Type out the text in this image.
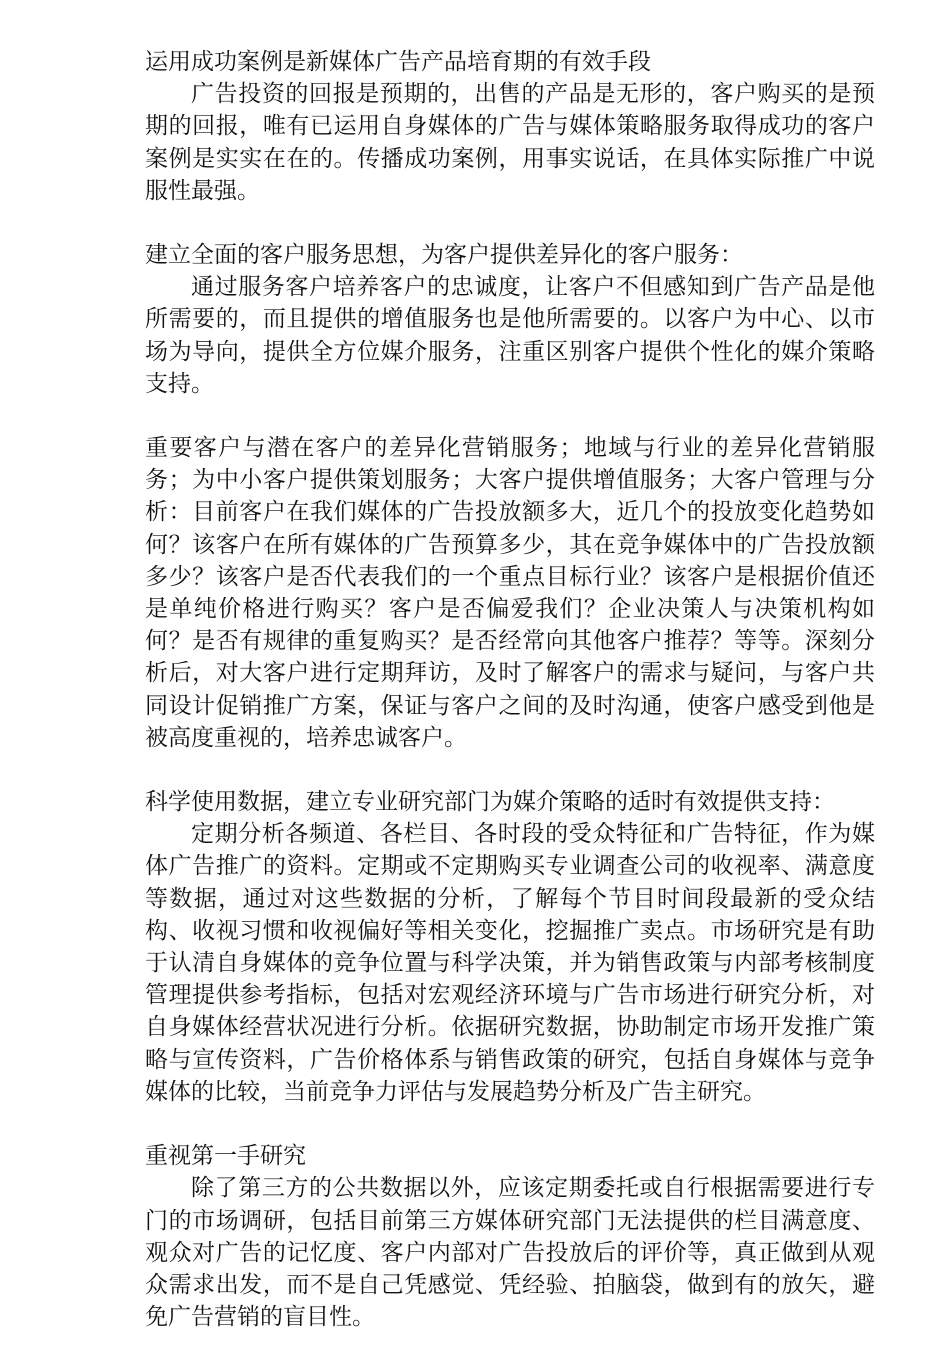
运用成功案例是新媒体广告产品培育期的有效手段
广告投资的回报是预期的，出售的产品是无形的，客户购买的是预期的回报，唯有已运用自身媒体的广告与媒体策略服务取得成功的客户案例是实实在在的。传播成功案例，用事实说话，在具体实际推广中说服性最强。
建立全面的客户服务思想，为客户提供差异化的客户服务：
通过服务客户培养客户的忠诚度，让客户不但感知到广告产品是他所需要的，而且提供的增值服务也是他所需要的。以客户为中心、以市场为导向，提供全方位媒介服务，注重区别客户提供个性化的媒介策略支持。
重要客户与潜在客户的差异化营销服务；地域与行业的差异化营销服务；为中小客户提供策划服务；大客户提供增值服务；大客户管理与分析：目前客户在我们媒体的广告投放额多大，近几个的投放变化趋势如何？该客户在所有媒体的广告预算多少，其在竞争媒体中的广告投放额多少？该客户是否代表我们的一个重点目标行业？该客户是根据价值还是单纯价格进行购买？客户是否偏爱我们？企业决策人与决策机构如何？是否有规律的重复购买？是否经常向其他客户推荐？等等。深刻分析后，对大客户进行定期拜访，及时了解客户的需求与疑问，与客户共同设计促销推广方案，保证与客户之间的及时沟通，使客户感受到他是被高度重视的，培养忠诚客户。
科学使用数据，建立专业研究部门为媒介策略的适时有效提供支持：
定期分析各频道、各栏目、各时段的受众特征和广告特征，作为媒体广告推广的资料。定期或不定期购买专业调查公司的收视率、满意度等数据，通过对这些数据的分析，了解每个节目时间段最新的受众结构、收视习惯和收视偏好等相关变化，挖掘推广卖点。市场研究是有助于认清自身媒体的竞争位置与科学决策，并为销售政策与内部考核制度管理提供参考指标，包括对宏观经济环境与广告市场进行研究分析，对自身媒体经营状况进行分析。依据研究数据，协助制定市场开发推广策略与宣传资料，广告价格体系与销售政策的研究，包括自身媒体与竞争媒体的比较，当前竞争力评估与发展趋势分析及广告主研究。
重视第一手研究
除了第三方的公共数据以外，应该定期委托或自行根据需要进行专门的市场调研，包括目前第三方媒体研究部门无法提供的栏目满意度、观众对广告的记忆度、客户内部对广告投放后的评价等，真正做到从观众需求出发，而不是自己凭感觉、凭经验、拍脑袋，做到有的放矢，避免广告营销的盲目性。
